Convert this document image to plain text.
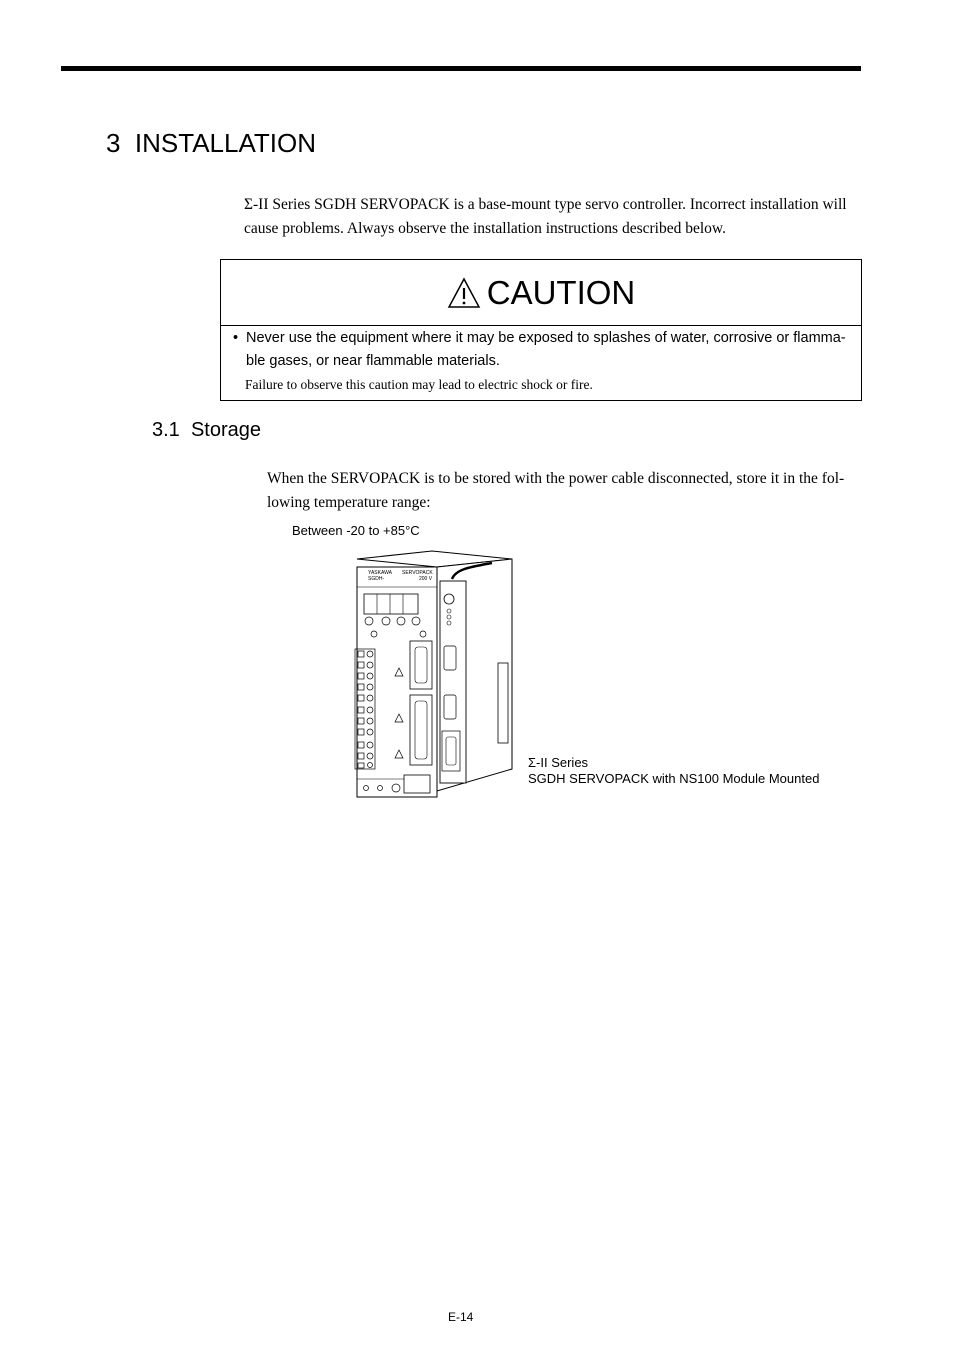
3 INSTALLATION
Σ-II Series SGDH SERVOPACK is a base-mount type servo controller. Incorrect installation will cause problems. Always observe the installation instructions described below.
CAUTION
• Never use the equipment where it may be exposed to splashes of water, corrosive or flamma-ble gases, or near flammable materials.
Failure to observe this caution may lead to electric shock or fire.
3.1 Storage
When the SERVOPACK is to be stored with the power cable disconnected, store it in the fol-lowing temperature range:
Between -20 to +85°C
YASKAWA SERVOPACK
SGDH-	200 V
Σ-II Series
SGDH SERVOPACK with NS100 Module Mounted
E-14
